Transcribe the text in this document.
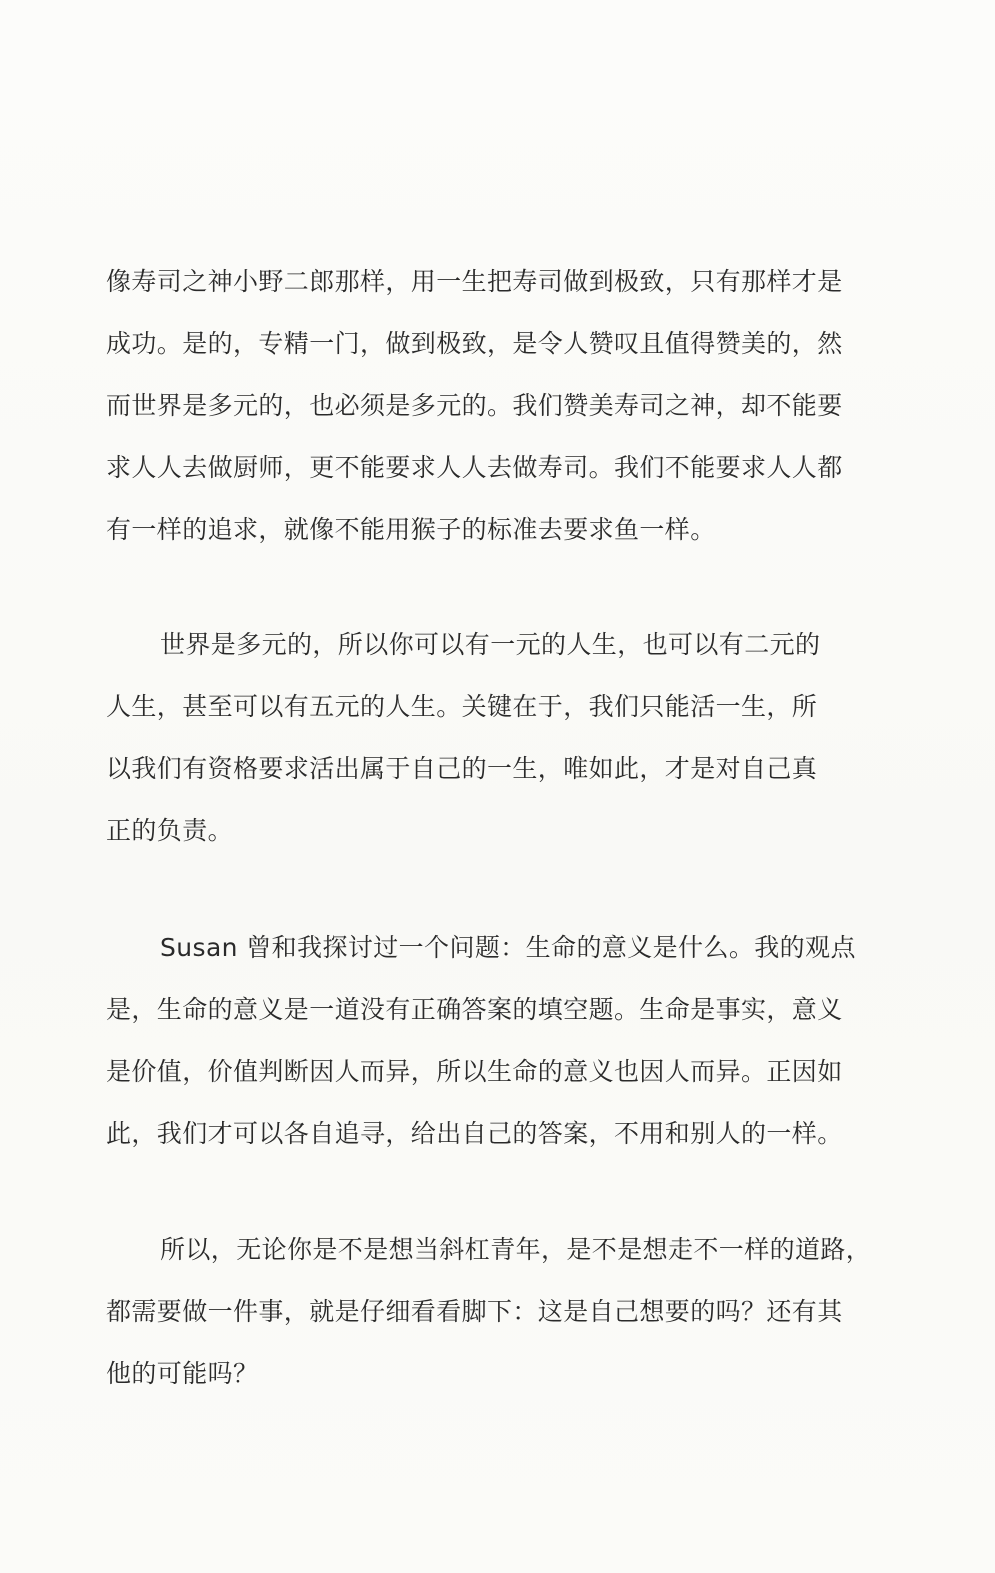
像寿司之神小野二郎那样，用一生把寿司做到极致，只有那样才是
成功。是的，专精一门，做到极致，是令人赞叹且值得赞美的，然
而世界是多元的，也必须是多元的。我们赞美寿司之神，却不能要
求人人去做厨师，更不能要求人人去做寿司。我们不能要求人人都
有一样的追求，就像不能用猴子的标准去要求鱼一样。
世界是多元的，所以你可以有一元的人生，也可以有二元的
人生，甚至可以有五元的人生。关键在于，我们只能活一生，所
以我们有资格要求活出属于自己的一生，唯如此，才是对自己真
正的负责。
Susan 曾和我探讨过一个问题：生命的意义是什么。我的观点
是，生命的意义是一道没有正确答案的填空题。生命是事实，意义
是价值，价值判断因人而异，所以生命的意义也因人而异。正因如
此，我们才可以各自追寻，给出自己的答案，不用和别人的一样。
所以，无论你是不是想当斜杠青年，是不是想走不一样的道路，
都需要做一件事，就是仔细看看脚下：这是自己想要的吗？还有其
他的可能吗？
